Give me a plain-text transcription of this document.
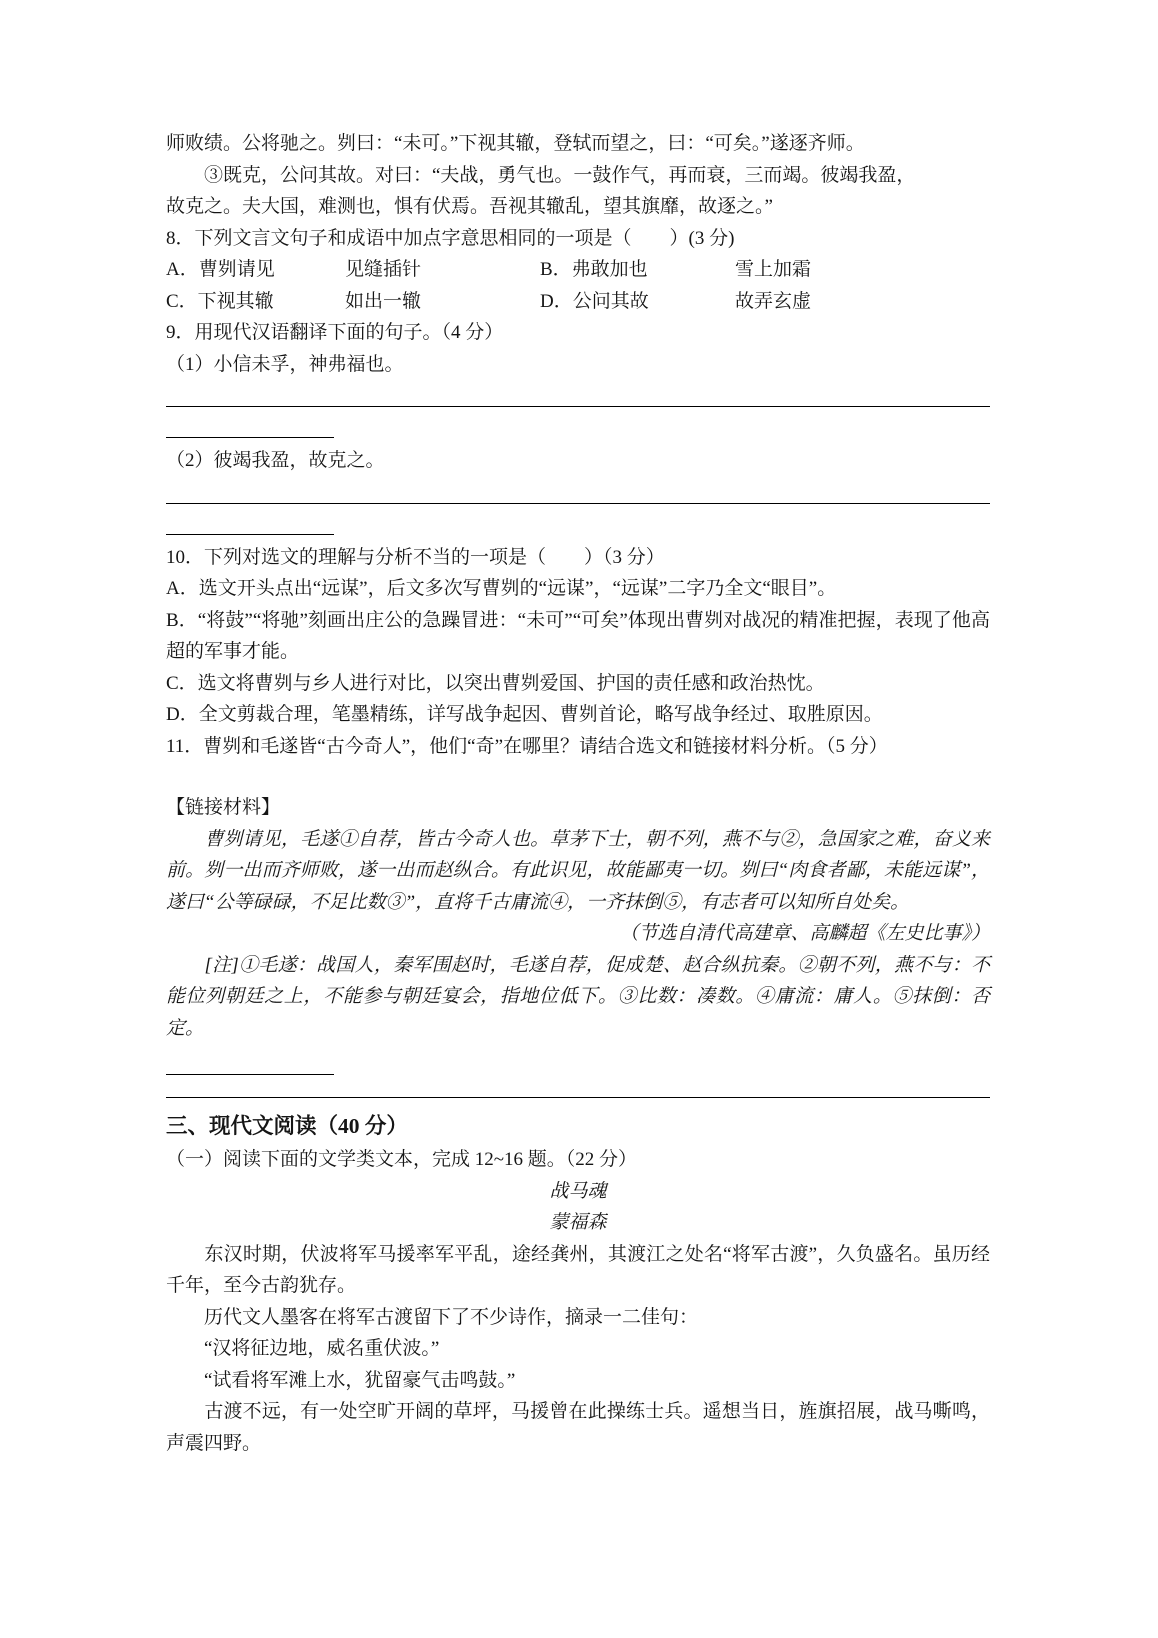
师败绩。公将驰之。刿曰：“未可。”下视其辙，登轼而望之，曰：“可矣。”遂逐齐师。

　　③既克，公问其故。对曰：“夫战，勇气也。一鼓作气，再而衰，三而竭。彼竭我盈，

故克之。夫大国，难测也，惧有伏焉。吾视其辙乱，望其旗靡，故逐之。”

8．下列文言文句子和成语中加点字意思相同的一项是（　　）(3 分)

A．曹刿请见	见缝插针	B．弗敢加也	雪上加霜
C．下视其辙	如出一辙	D．公问其故	故弄玄虚

9．用现代汉语翻译下面的句子。（4 分）

（1）小信未孚，神弗福也。

（2）彼竭我盈，故克之。

10．下列对选文的理解与分析不当的一项是（　　）（3 分）

A．选文开头点出“远谋”，后文多次写曹刿的“远谋”，“远谋”二字乃全文“眼目”。

B．“将鼓”“将驰”刻画出庄公的急躁冒进：“未可”“可矣”体现出曹刿对战况的精准把握，表现了他高超的军事才能。

C．选文将曹刿与乡人进行对比，以突出曹刿爱国、护国的责任感和政治热忱。

D．全文剪裁合理，笔墨精练，详写战争起因、曹刿首论，略写战争经过、取胜原因。

11．曹刿和毛遂皆“古今奇人”，他们“奇”在哪里？请结合选文和链接材料分析。（5 分）

【链接材料】

　　曹刿请见，毛遂①自荐，皆古今奇人也。草茅下士，朝不列，燕不与②，急国家之难，奋义来前。刿一出而齐师败，遂一出而赵纵合。有此识见，故能鄙夷一切。刿曰“肉食者鄙，未能远谋”，遂曰“公等碌碌，不足比数③”，直将千古庸流④，一齐抹倒⑤，有志者可以知所自处矣。

（节选自清代高建章、高麟超《左史比事》）

　　[注]①毛遂：战国人，秦军围赵时，毛遂自荐，促成楚、赵合纵抗秦。②朝不列，燕不与：不能位列朝廷之上，不能参与朝廷宴会，指地位低下。③比数：凑数。④庸流：庸人。⑤抹倒：否定。

三、现代文阅读（40 分）

（一）阅读下面的文学类文本，完成 12~16 题。（22 分）

战马魂

蒙福森

　　东汉时期，伏波将军马援率军平乱，途经龚州，其渡江之处名“将军古渡”，久负盛名。虽历经千年，至今古韵犹存。

　　历代文人墨客在将军古渡留下了不少诗作，摘录一二佳句：

　　“汉将征边地，威名重伏波。”

　　“试看将军滩上水，犹留豪气击鸣鼓。”

　　古渡不远，有一处空旷开阔的草坪，马援曾在此操练士兵。遥想当日，旌旗招展，战马嘶鸣，声震四野。
